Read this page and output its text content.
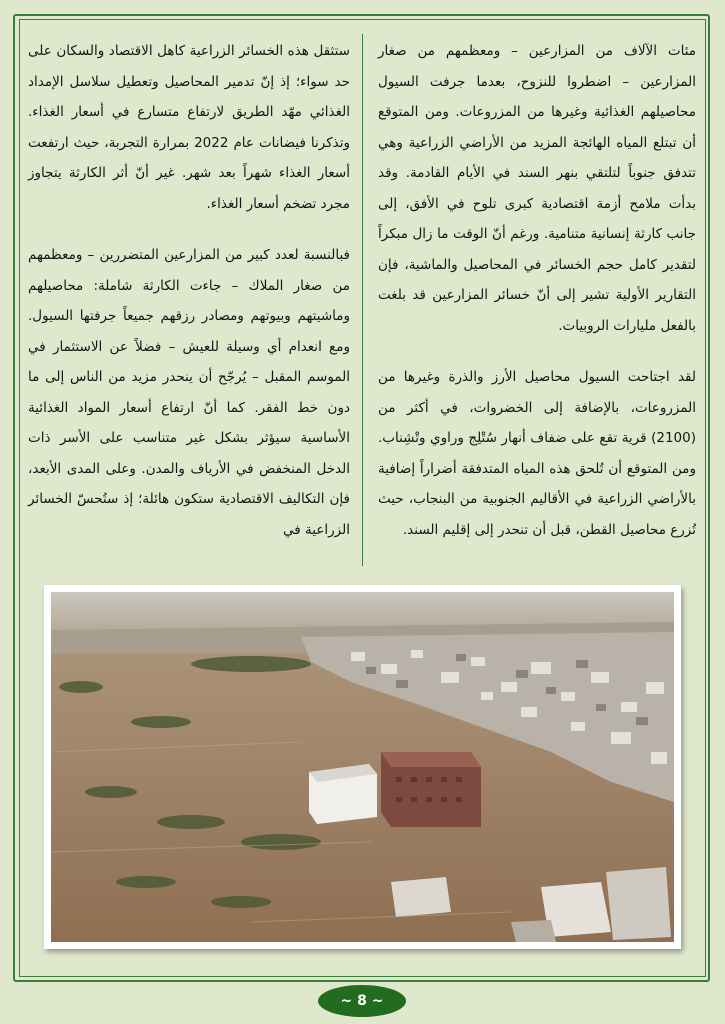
مئات الآلاف من المزارعين – ومعظمهم من صغار المزارعين – اضطروا للنزوح، بعدما جرفت السيول محاصيلهم الغذائية وغيرها من المزروعات. ومن المتوقع أن تبتلع المياه الهائجة المزيد من الأراضي الزراعية وهي تتدفق جنوباً لتلتقي بنهر السند في الأيام القادمة. وقد بدأت ملامح أزمة اقتصادية كبرى تلوح في الأفق، إلى جانب كارثة إنسانية متنامية. ورغم أنّ الوقت ما زال مبكراً لتقدير كامل حجم الخسائر في المحاصيل والماشية، فإن التقارير الأولية تشير إلى أنّ خسائر المزارعين قد بلغت بالفعل مليارات الروبيات.

لقد اجتاحت السيول محاصيل الأرز والذرة وغيرها من المزروعات، بالإضافة إلى الخضروات، في أكثر من (2100) قرية تقع على ضفاف أنهار سُتْلِج وراوي وتْشِناب. ومن المتوقع أن تُلحق هذه المياه المتدفقة أضراراً إضافية بالأراضي الزراعية في الأقاليم الجنوبية من البنجاب، حيث تُزرع محاصيل القطن، قبل أن تنحدر إلى إقليم السند.

ستثقل هذه الخسائر الزراعية كاهل الاقتصاد والسكان على حد سواء؛ إذ إنّ تدمير المحاصيل وتعطيل سلاسل الإمداد الغذائي مهّد الطريق لارتفاع متسارع في أسعار الغذاء. وتذكرنا فيضانات عام 2022 بمرارة التجربة، حيث ارتفعت أسعار الغذاء شهراً بعد شهر. غير أنّ أثر الكارثة يتجاوز مجرد تضخم أسعار الغذاء.

فبالنسبة لعدد كبير من المزارعين المتضررين – ومعظمهم من صغار الملاك – جاءت الكارثة شاملة: محاصيلهم وماشيتهم وبيوتهم ومصادر رزقهم جميعاً جرفتها السيول. ومع انعدام أي وسيلة للعيش – فضلاً عن الاستثمار في الموسم المقبل – يُرجّح أن ينحدر مزيد من الناس إلى ما دون خط الفقر. كما أنّ ارتفاع أسعار المواد الغذائية الأساسية سيؤثر بشكل غير متناسب على الأسر ذات الدخل المنخفض في الأرياف والمدن. وعلى المدى الأبعد، فإن التكاليف الاقتصادية ستكون هائلة؛ إذ ستُحسّ الخسائر الزراعية في

~ 8 ~
